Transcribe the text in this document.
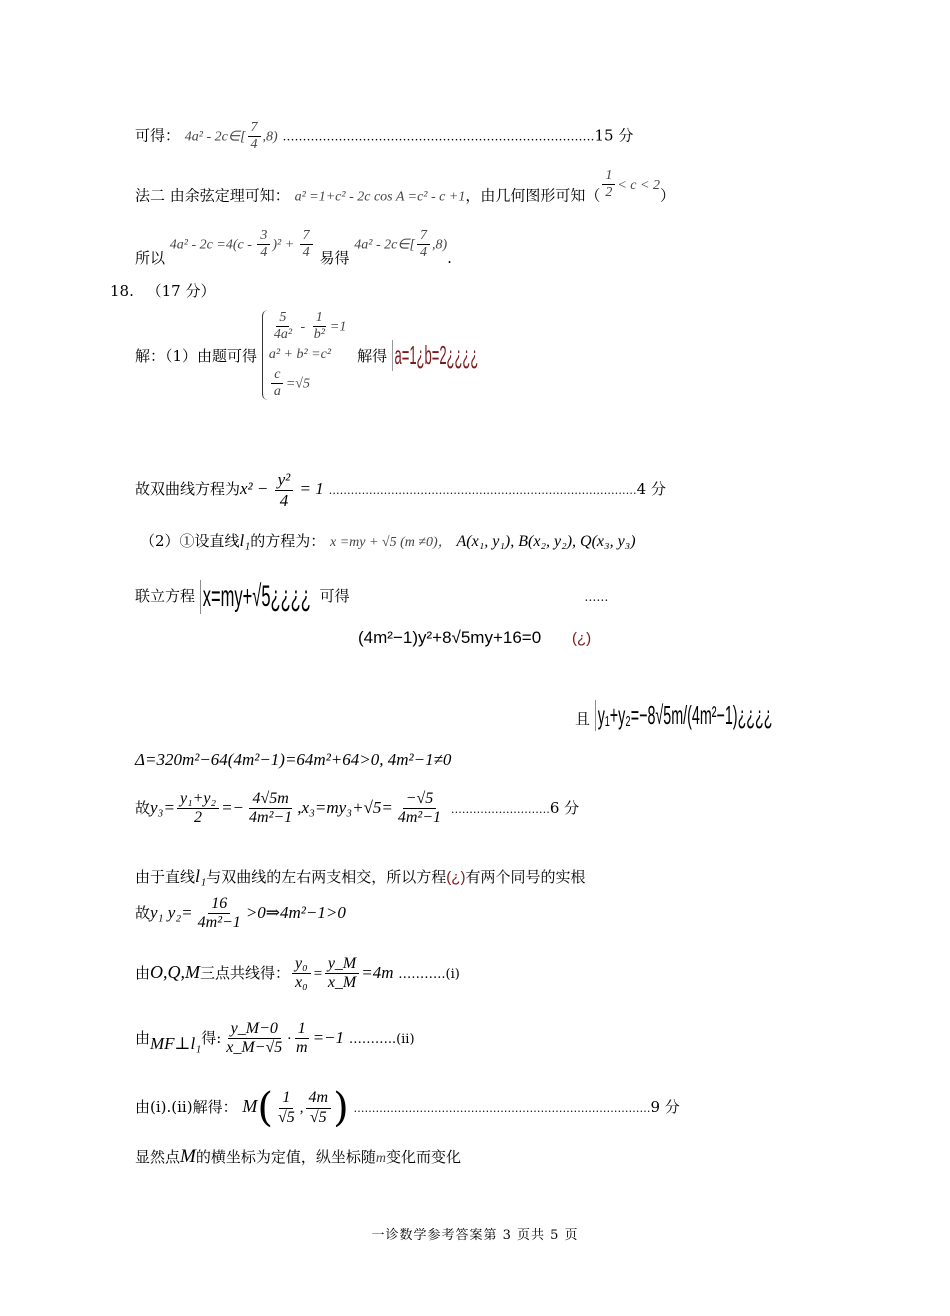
可得： 4a² - 2c∈[ $\frac{7}{4} ,8$) ……………………………………………………………………15 分
法二 由余弦定理可知： a² =1+c² - 2c cos A =c² - c +1，由几何图形可知（ $\frac{1}{2} < c < 2$）
所以 $4a^2 - 2c =4(c - \frac{3}{4} )^2 + \frac{7}{4}$ 易得 4a² - 2c∈[ $\frac{7}{4} ,8$).
18. （17 分）
解：（1）由题可得
$\frac{5}{\text{4a²}} - \frac{1}{\text{b²}} =1$
a² + b² =c²
$\frac{c}{a} =√5$
解得 a=1¿b=2¿¿¿¿
故双曲线方程为$x^2 - \frac{\text{y²}}{4} = 1$ …………………………………………………………………………4 分
（2）①设直线l₁的方程为： x =my + √5 (m ≠0)， A(x₁, y₁), B(x₂, y₂), Q(x₃, y₃)
联立方程 x=my+√5¿¿¿¿ 可得	……
(4m²−1)y²+8√5my+16=0 (¿)
且 y₁+y₂=−8√5m/(4m²−1)¿¿¿¿
Δ=320m²−64(4m²−1)=64m²+64>0, 4m²−1≠0
故$y_3= \frac{\text{y₁+y₂}}{2} =- \frac{4√5m}{\text{4m²−1}} ,x_3=my_3+√5= \frac{-√5}{\text{4m²−1}}$ ………………………6 分
由于直线l₁与双曲线的左右两支相交，所以方程(¿)有两个同号的实根
故y₁ $y_2= \frac{16}{\text{4m²−1}}$ >0⇒4m²−1>0
由O,Q,M三点共线得： $\frac{\text{y₀}}{\text{x₀}} = \frac{y\_M}{x\_M} =4m$ ………..(i)
由MF⊥l₁得: $\frac{y\_M-0}{x\_M-√5} \cdot \frac{1}{m} =-1$ ………..(ii)
由(i).(ii)解得： $M( \frac{1}{√5}$ , $\frac{4m}{√5}$ ) ………………………………………………………………………9 分
显然点M的横坐标为定值，纵坐标随m变化而变化
一诊数学参考答案第 3 页共 5 页
